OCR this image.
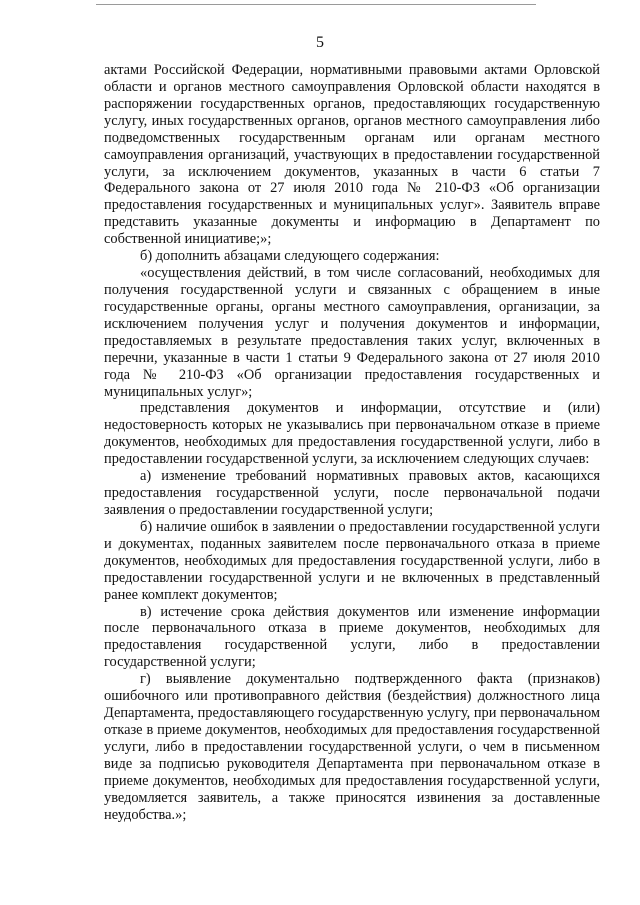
5

актами Российской Федерации, нормативными правовыми актами Орловской области и органов местного самоуправления Орловской области находятся в распоряжении государственных органов, предоставляющих государственную услугу, иных государственных органов, органов местного самоуправления либо подведомственных государственным органам или органам местного самоуправления организаций, участвующих в предоставлении государственной услуги, за исключением документов, указанных в части 6 статьи 7 Федерального закона от 27 июля 2010 года № 210-ФЗ «Об организации предоставления государственных и муниципальных услуг». Заявитель вправе представить указанные документы и информацию в Департамент по собственной инициативе;»;

б) дополнить абзацами следующего содержания:

«осуществления действий, в том числе согласований, необходимых для получения государственной услуги и связанных с обращением в иные государственные органы, органы местного самоуправления, организации, за исключением получения услуг и получения документов и информации, предоставляемых в результате предоставления таких услуг, включенных в перечни, указанные в части 1 статьи 9 Федерального закона от 27 июля 2010 года № 210-ФЗ «Об организации предоставления государственных и муниципальных услуг»;

представления документов и информации, отсутствие и (или) недостоверность которых не указывались при первоначальном отказе в приеме документов, необходимых для предоставления государственной услуги, либо в предоставлении государственной услуги, за исключением следующих случаев:

а) изменение требований нормативных правовых актов, касающихся предоставления государственной услуги, после первоначальной подачи заявления о предоставлении государственной услуги;

б) наличие ошибок в заявлении о предоставлении государственной услуги и документах, поданных заявителем после первоначального отказа в приеме документов, необходимых для предоставления государственной услуги, либо в предоставлении государственной услуги и не включенных в представленный ранее комплект документов;

в) истечение срока действия документов или изменение информации после первоначального отказа в приеме документов, необходимых для предоставления государственной услуги, либо в предоставлении государственной услуги;

г) выявление документально подтвержденного факта (признаков) ошибочного или противоправного действия (бездействия) должностного лица Департамента, предоставляющего государственную услугу, при первоначальном отказе в приеме документов, необходимых для предоставления государственной услуги, либо в предоставлении государственной услуги, о чем в письменном виде за подписью руководителя Департамента при первоначальном отказе в приеме документов, необходимых для предоставления государственной услуги, уведомляется заявитель, а также приносятся извинения за доставленные неудобства.»;
